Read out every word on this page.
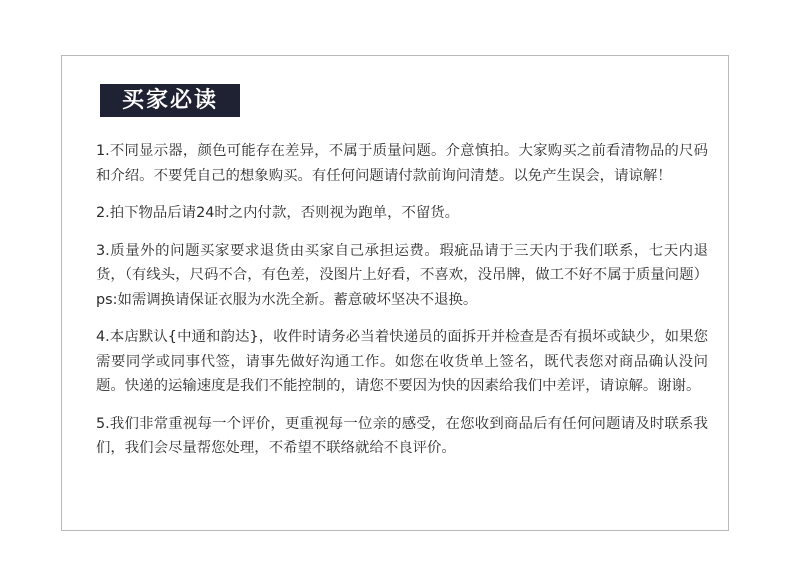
买家必读

1.不同显示器，颜色可能存在差异，不属于质量问题。介意慎拍。大家购买之前看清物品的尺码和介绍。不要凭自己的想象购买。有任何问题请付款前询问清楚。以免产生误会，请谅解！

2.拍下物品后请24时之内付款，否则视为跑单，不留货。

3.质量外的问题买家要求退货由买家自己承担运费。瑕疵品请于三天内于我们联系，七天内退货，（有线头，尺码不合，有色差，没图片上好看，不喜欢，没吊牌，做工不好不属于质量问题）ps:如需调换请保证衣服为水洗全新。蓄意破坏坚决不退换。

4.本店默认{中通和韵达}，收件时请务必当着快递员的面拆开并检查是否有损坏或缺少，如果您需要同学或同事代签，请事先做好沟通工作。如您在收货单上签名，既代表您对商品确认没问题。快递的运输速度是我们不能控制的，请您不要因为快的因素给我们中差评，请谅解。谢谢。

5.我们非常重视每一个评价，更重视每一位亲的感受，在您收到商品后有任何问题请及时联系我们，我们会尽量帮您处理，不希望不联络就给不良评价。
